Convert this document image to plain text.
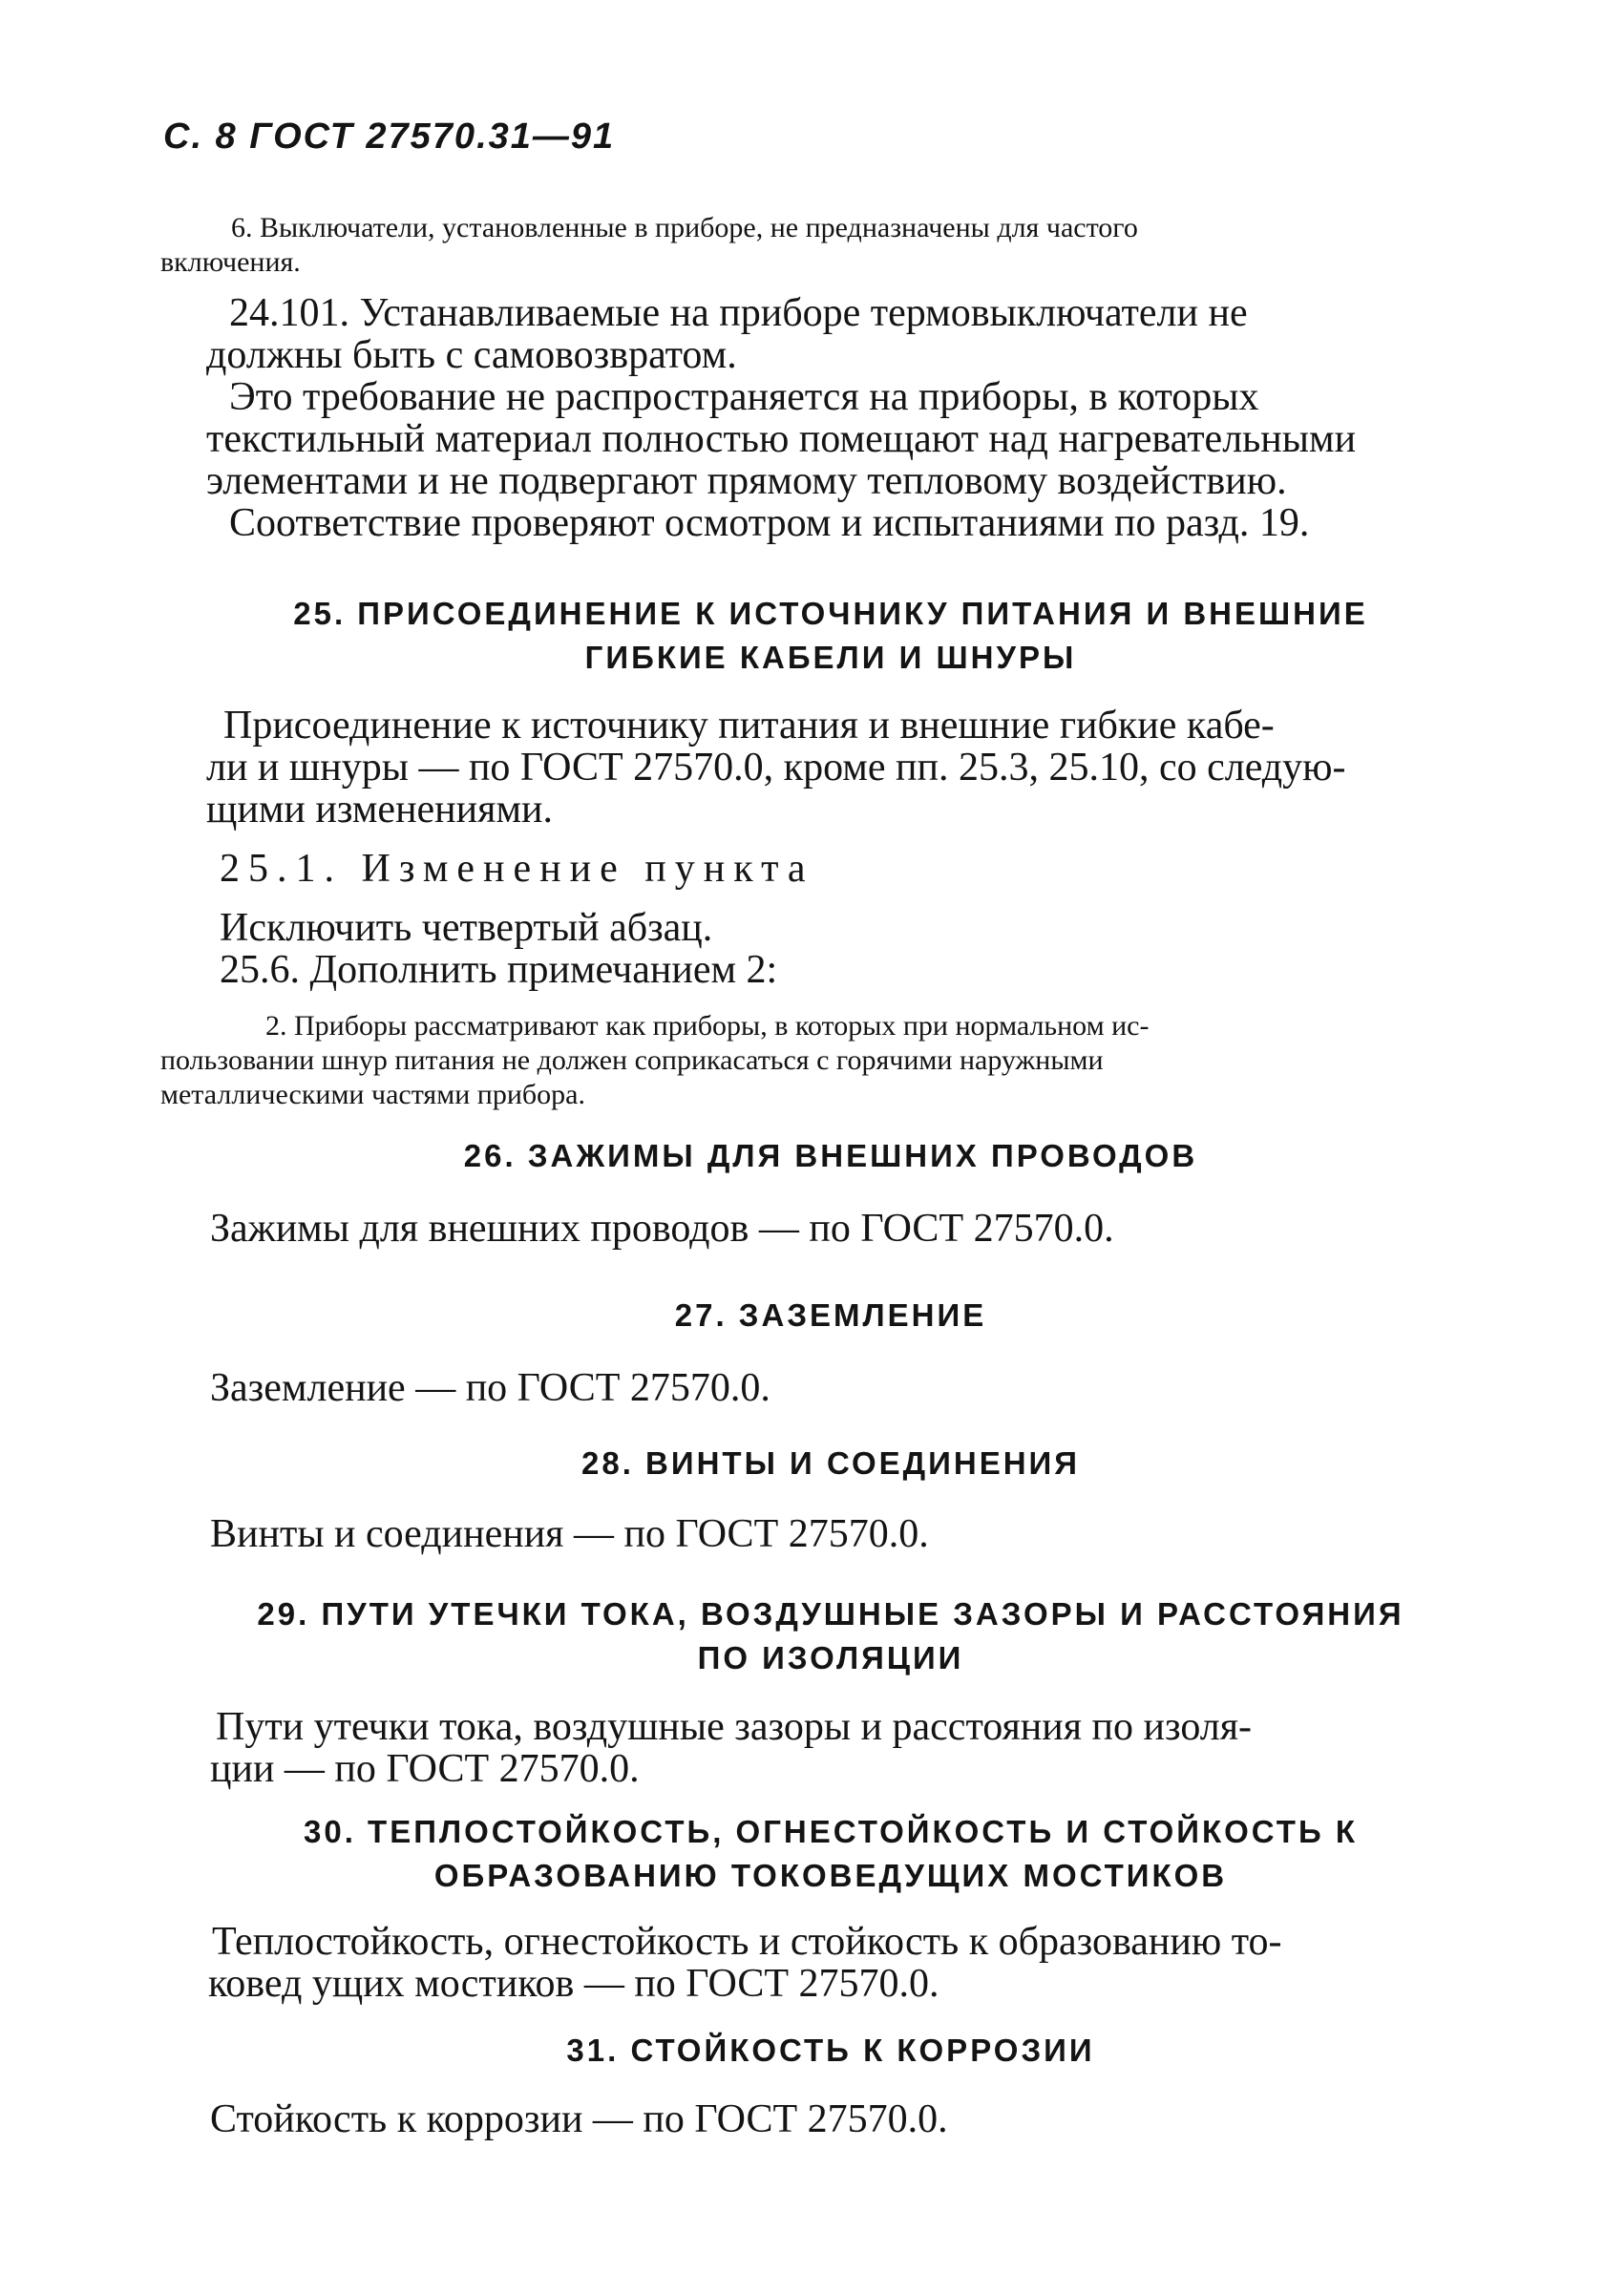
С. 8 ГОСТ 27570.31—91
6. Выключатели, установленные в приборе, не предназначены для частого
включения.
24.101. Устанавливаемые на приборе термовыключатели не
должны быть с самовозвратом.
Это требование не распространяется на приборы, в которых
текстильный материал полностью помещают над нагревательными
элементами и не подвергают прямому тепловому воздействию.
Соответствие проверяют осмотром и испытаниями по разд. 19.
25. ПРИСОЕДИНЕНИЕ К ИСТОЧНИКУ ПИТАНИЯ И ВНЕШНИЕ
ГИБКИЕ КАБЕЛИ И ШНУРЫ
Присоединение к источнику питания и внешние гибкие кабе-
ли и шнуры — по ГОСТ 27570.0, кроме пп. 25.3, 25.10, со следую-
щими изменениями.
25.1. Изменение пункта
Исключить четвертый абзац.
25.6. Дополнить примечанием 2:
2. Приборы рассматривают как приборы, в которых при нормальном ис-
пользовании шнур питания не должен соприкасаться с горячими наружными
металлическими частями прибора.
26. ЗАЖИМЫ ДЛЯ ВНЕШНИХ ПРОВОДОВ
Зажимы для внешних проводов — по ГОСТ 27570.0.
27. ЗАЗЕМЛЕНИЕ
Заземление — по ГОСТ 27570.0.
28. ВИНТЫ И СОЕДИНЕНИЯ
Винты и соединения — по ГОСТ 27570.0.
29. ПУТИ УТЕЧКИ ТОКА, ВОЗДУШНЫЕ ЗАЗОРЫ И РАССТОЯНИЯ
ПО ИЗОЛЯЦИИ
Пути утечки тока, воздушные зазоры и расстояния по изоля-
ции — по ГОСТ 27570.0.
30. ТЕПЛОСТОЙКОСТЬ, ОГНЕСТОЙКОСТЬ И СТОЙКОСТЬ К
ОБРАЗОВАНИЮ ТОКОВЕДУЩИХ МОСТИКОВ
Теплостойкость, огнестойкость и стойкость к образованию то-
ковед ущих мостиков — по ГОСТ 27570.0.
31. СТОЙКОСТЬ К КОРРОЗИИ
Стойкость к коррозии — по ГОСТ 27570.0.
